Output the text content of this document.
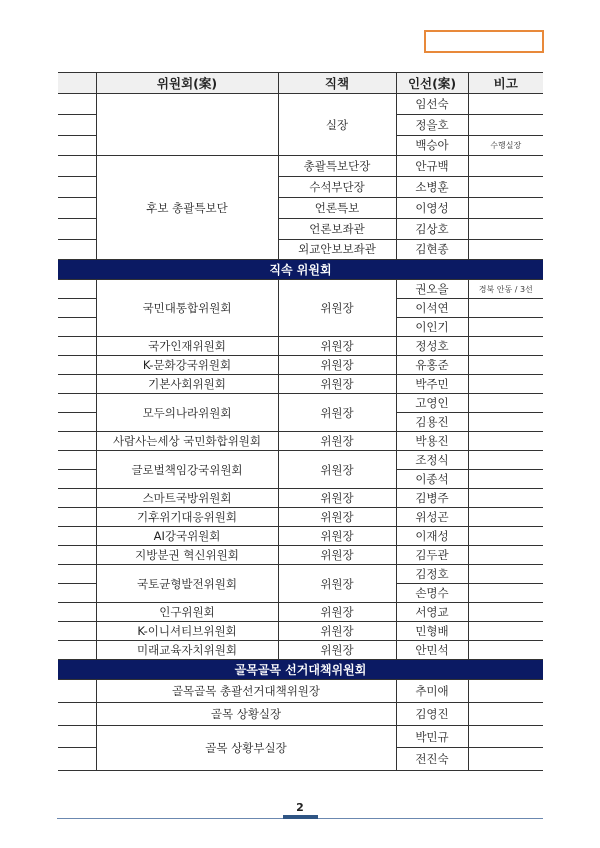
	위원회(案)	직책	인선(案)	비고
		실장	임선숙	
			정을호	
			백승아	수행실장
	후보 총괄특보단	총괄특보단장	안규백	
		수석부단장	소병훈	
		언론특보	이영성	
		언론보좌관	김상호	
		외교안보보좌관	김현종	
직속 위원회				
	국민대통합위원회	위원장	권오을	경북 안동 / 3선
			이석연	
			이인기	
	국가인재위원회	위원장	정성호	
	K-문화강국위원회	위원장	유홍준	
	기본사회위원회	위원장	박주민	
	모두의나라위원회	위원장	고영인	
			김용진	
	사람사는세상 국민화합위원회	위원장	박용진	
	글로벌책임강국위원회	위원장	조정식	
			이종석	
	스마트국방위원회	위원장	김병주	
	기후위기대응위원회	위원장	위성곤	
	AI강국위원회	위원장	이재성	
	지방분권 혁신위원회	위원장	김두관	
	국토균형발전위원회	위원장	김정호	
			손명수	
	인구위원회	위원장	서영교	
	K-이니셔티브위원회	위원장	민형배	
	미래교육자치위원회	위원장	안민석	
골목골목 선거대책위원회				
	골목골목 총괄선거대책위원장		추미애	
	골목 상황실장		김영진	
	골목 상황부실장		박민규	
			전진숙	
2
